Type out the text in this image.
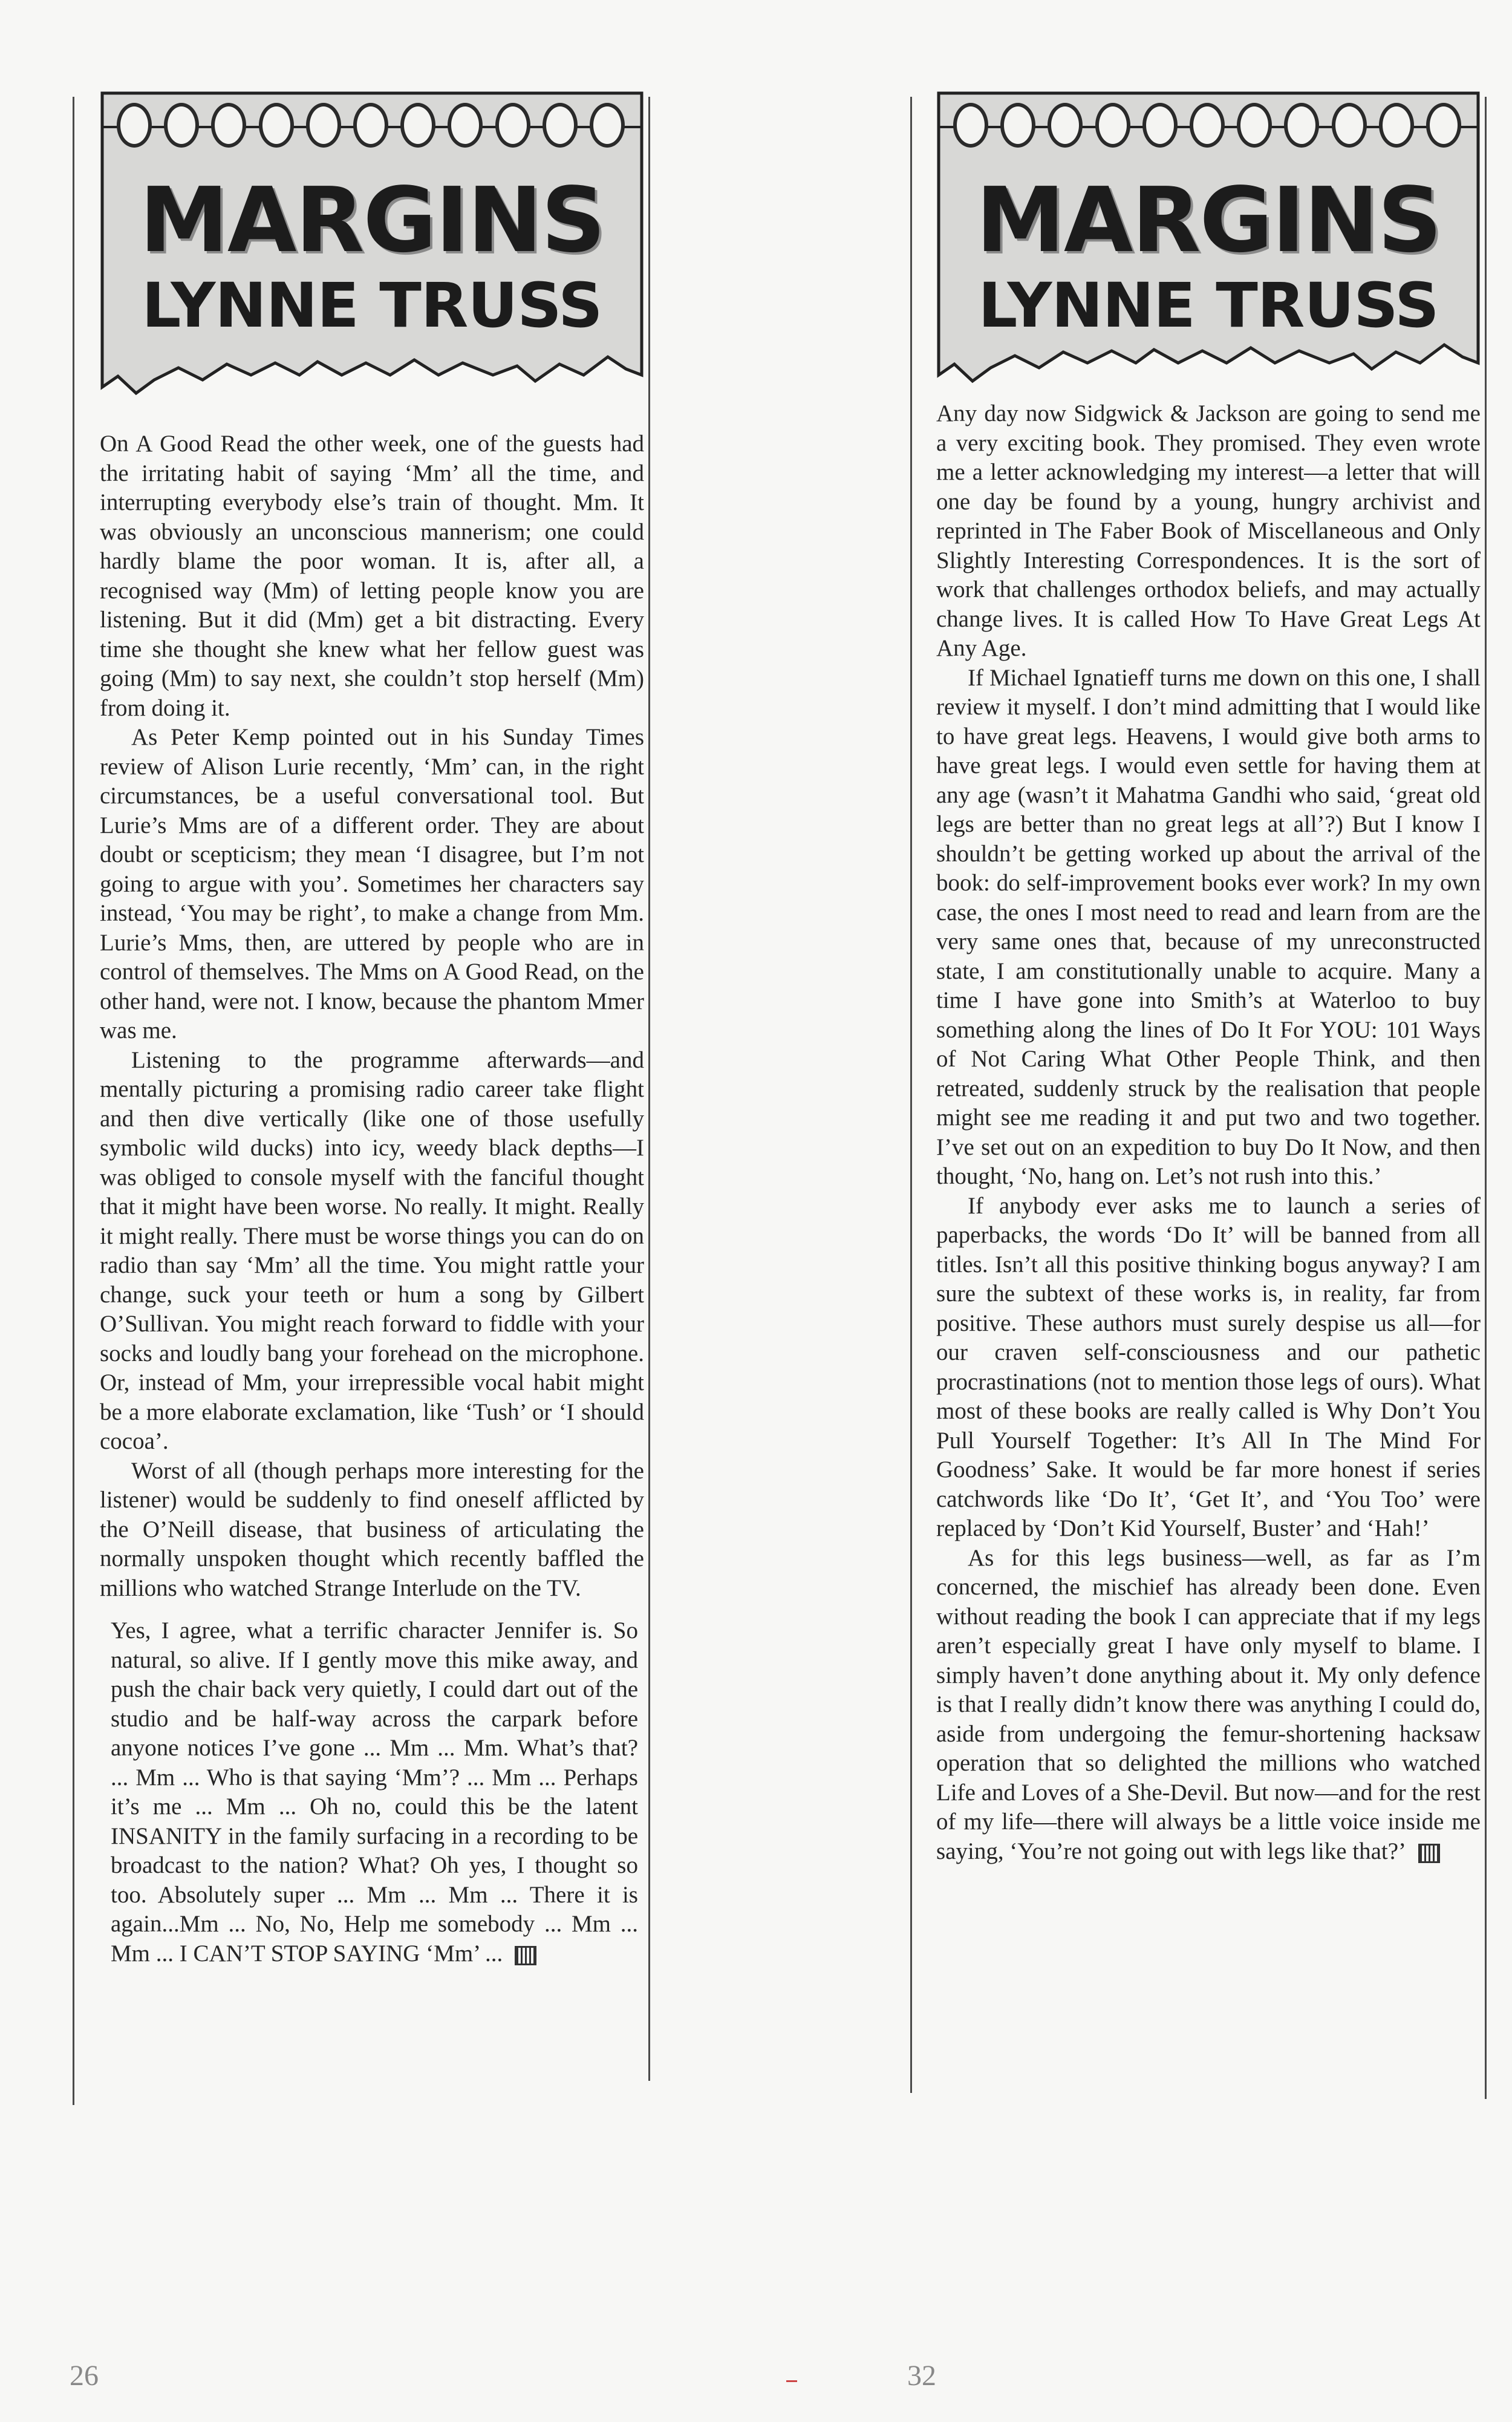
MARGINS
LYNNE TRUSS

On A Good Read the other week, one of the guests had the irritating habit of saying ‘Mm’ all the time, and interrupting everybody else’s train of thought. Mm. It was obviously an unconscious mannerism; one could hardly blame the poor woman. It is, after all, a recognised way (Mm) of letting people know you are listening. But it did (Mm) get a bit distracting. Every time she thought she knew what her fellow guest was going (Mm) to say next, she couldn’t stop herself (Mm) from doing it.

As Peter Kemp pointed out in his Sunday Times review of Alison Lurie recently, ‘Mm’ can, in the right circumstances, be a useful conversational tool. But Lurie’s Mms are of a different order. They are about doubt or scepticism; they mean ‘I disagree, but I’m not going to argue with you’. Sometimes her characters say instead, ‘You may be right’, to make a change from Mm. Lurie’s Mms, then, are uttered by people who are in control of themselves. The Mms on A Good Read, on the other hand, were not. I know, because the phantom Mmer was me.

Listening to the programme afterwards—and mentally picturing a promising radio career take flight and then dive vertically (like one of those usefully symbolic wild ducks) into icy, weedy black depths—I was obliged to console myself with the fanciful thought that it might have been worse. No really. It might. Really it might really. There must be worse things you can do on radio than say ‘Mm’ all the time. You might rattle your change, suck your teeth or hum a song by Gilbert O’Sullivan. You might reach forward to fiddle with your socks and loudly bang your forehead on the microphone. Or, instead of Mm, your irrepressible vocal habit might be a more elaborate exclamation, like ‘Tush’ or ‘I should cocoa’.

Worst of all (though perhaps more interesting for the listener) would be suddenly to find oneself afflicted by the O’Neill disease, that business of articulating the normally unspoken thought which recently baffled the millions who watched Strange Interlude on the TV.

Yes, I agree, what a terrific character Jennifer is. So natural, so alive. If I gently move this mike away, and push the chair back very quietly, I could dart out of the studio and be half-way across the carpark before anyone notices I’ve gone ... Mm ... Mm. What’s that? ... Mm ... Who is that saying ‘Mm’? ... Mm ... Perhaps it’s me ... Mm ... Oh no, could this be the latent INSANITY in the family surfacing in a recording to be broadcast to the nation? What? Oh yes, I thought so too. Absolutely super ... Mm ... Mm ... There it is again...Mm ... No, No, Help me somebody ... Mm ... Mm ... I CAN’T STOP SAYING ‘Mm’ ...

MARGINS
LYNNE TRUSS

Any day now Sidgwick & Jackson are going to send me a very exciting book. They promised. They even wrote me a letter acknowledging my interest—a letter that will one day be found by a young, hungry archivist and reprinted in The Faber Book of Miscellaneous and Only Slightly Interesting Correspondences. It is the sort of work that challenges orthodox beliefs, and may actually change lives. It is called How To Have Great Legs At Any Age.

If Michael Ignatieff turns me down on this one, I shall review it myself. I don’t mind admitting that I would like to have great legs. Heavens, I would give both arms to have great legs. I would even settle for having them at any age (wasn’t it Mahatma Gandhi who said, ‘great old legs are better than no great legs at all’?) But I know I shouldn’t be getting worked up about the arrival of the book: do self-improvement books ever work? In my own case, the ones I most need to read and learn from are the very same ones that, because of my unreconstructed state, I am constitutionally unable to acquire. Many a time I have gone into Smith’s at Waterloo to buy something along the lines of Do It For YOU: 101 Ways of Not Caring What Other People Think, and then retreated, suddenly struck by the realisation that people might see me reading it and put two and two together. I’ve set out on an expedition to buy Do It Now, and then thought, ‘No, hang on. Let’s not rush into this.’

If anybody ever asks me to launch a series of paperbacks, the words ‘Do It’ will be banned from all titles. Isn’t all this positive thinking bogus anyway? I am sure the subtext of these works is, in reality, far from positive. These authors must surely despise us all—for our craven self-consciousness and our pathetic procrastinations (not to mention those legs of ours). What most of these books are really called is Why Don’t You Pull Yourself Together: It’s All In The Mind For Goodness’ Sake. It would be far more honest if series catchwords like ‘Do It’, ‘Get It’, and ‘You Too’ were replaced by ‘Don’t Kid Yourself, Buster’ and ‘Hah!’

As for this legs business—well, as far as I’m concerned, the mischief has already been done. Even without reading the book I can appreciate that if my legs aren’t especially great I have only myself to blame. I simply haven’t done anything about it. My only defence is that I really didn’t know there was anything I could do, aside from undergoing the femur-shortening hacksaw operation that so delighted the millions who watched Life and Loves of a She-Devil. But now—and for the rest of my life—there will always be a little voice inside me saying, ‘You’re not going out with legs like that?’

26	32
